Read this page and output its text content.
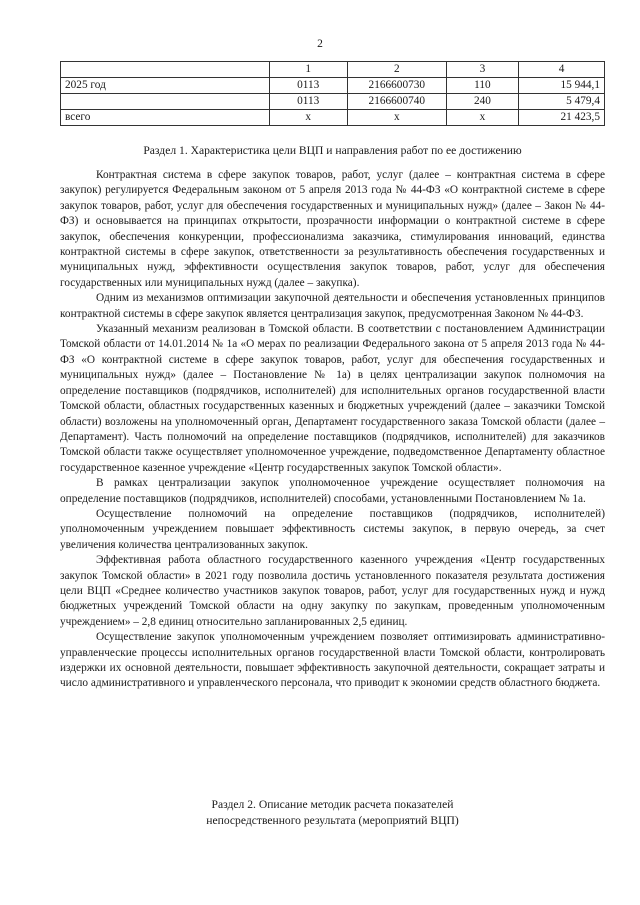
2
	1	2	3	4
2025 год	0113	2166600730	110	15 944,1
	0113	2166600740	240	5 479,4
всего	х	х	х	21 423,5
Раздел 1. Характеристика цели ВЦП и направления работ по ее достижению

Контрактная система в сфере закупок товаров, работ, услуг (далее – контрактная система в сфере закупок) регулируется Федеральным законом от 5 апреля 2013 года № 44-ФЗ «О контрактной системе в сфере закупок товаров, работ, услуг для обеспечения государственных и муниципальных нужд» (далее – Закон № 44-ФЗ) и основывается на принципах открытости, прозрачности информации о контрактной системе в сфере закупок, обеспечения конкуренции, профессионализма заказчика, стимулирования инноваций, единства контрактной системы в сфере закупок, ответственности за результативность обеспечения государственных и муниципальных нужд, эффективности осуществления закупок товаров, работ, услуг для обеспечения государственных или муниципальных нужд (далее – закупка).

Одним из механизмов оптимизации закупочной деятельности и обеспечения установленных принципов контрактной системы в сфере закупок является централизация закупок, предусмотренная Законом № 44-ФЗ.

Указанный механизм реализован в Томской области. В соответствии с постановлением Администрации Томской области от 14.01.2014 № 1а «О мерах по реализации Федерального закона от 5 апреля 2013 года № 44-ФЗ «О контрактной системе в сфере закупок товаров, работ, услуг для обеспечения государственных и муниципальных нужд» (далее – Постановление № 1а) в целях централизации закупок полномочия на определение поставщиков (подрядчиков, исполнителей) для исполнительных органов государственной власти Томской области, областных государственных казенных и бюджетных учреждений (далее – заказчики Томской области) возложены на уполномоченный орган, Департамент государственного заказа Томской области (далее – Департамент). Часть полномочий на определение поставщиков (подрядчиков, исполнителей) для заказчиков Томской области также осуществляет уполномоченное учреждение, подведомственное Департаменту областное государственное казенное учреждение «Центр государственных закупок Томской области».

В рамках централизации закупок уполномоченное учреждение осуществляет полномочия на определение поставщиков (подрядчиков, исполнителей) способами, установленными Постановлением № 1а.

Осуществление полномочий на определение поставщиков (подрядчиков, исполнителей) уполномоченным учреждением повышает эффективность системы закупок, в первую очередь, за счет увеличения количества централизованных закупок.

Эффективная работа областного государственного казенного учреждения «Центр государственных закупок Томской области» в 2021 году позволила достичь установленного показателя результата достижения цели ВЦП «Среднее количество участников закупок товаров, работ, услуг для государственных нужд и нужд бюджетных учреждений Томской области на одну закупку по закупкам, проведенным уполномоченным учреждением» – 2,8 единиц относительно запланированных 2,5 единиц.

Осуществление закупок уполномоченным учреждением позволяет оптимизировать административно-управленческие процессы исполнительных органов государственной власти Томской области, контролировать издержки их основной деятельности, повышает эффективность закупочной деятельности, сокращает затраты и число административного и управленческого персонала, что приводит к экономии средств областного бюджета.

Раздел 2. Описание методик расчета показателей
непосредственного результата (мероприятий ВЦП)
